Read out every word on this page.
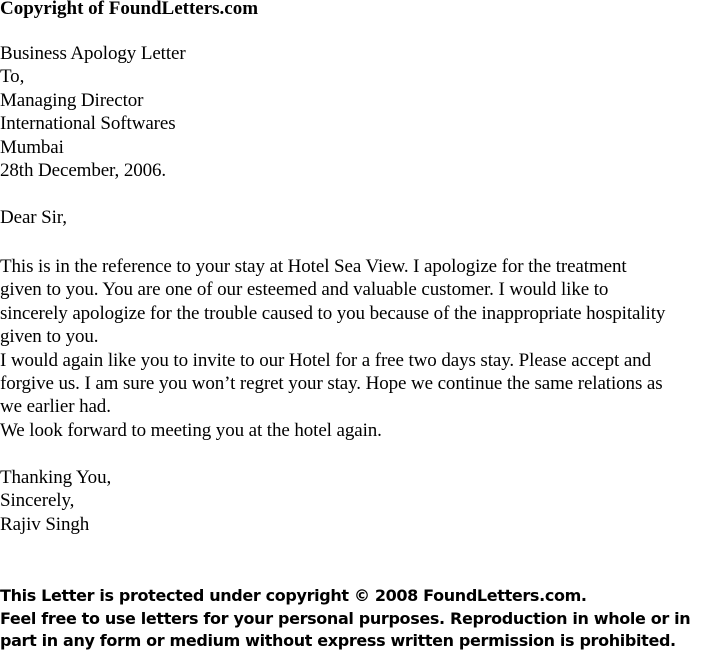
Copyright of FoundLetters.com
Business Apology Letter
To,
Managing Director
International Softwares
Mumbai
28th December, 2006.
Dear Sir,
This is in the reference to your stay at Hotel Sea View. I apologize for the treatment
given to you. You are one of our esteemed and valuable customer. I would like to
sincerely apologize for the trouble caused to you because of the inappropriate hospitality
given to you.
I would again like you to invite to our Hotel for a free two days stay. Please accept and
forgive us. I am sure you won’t regret your stay. Hope we continue the same relations as
we earlier had.
We look forward to meeting you at the hotel again.
Thanking You,
Sincerely,
Rajiv Singh
This Letter is protected under copyright © 2008 FoundLetters.com.
Feel free to use letters for your personal purposes. Reproduction in whole or in
part in any form or medium without express written permission is prohibited.
